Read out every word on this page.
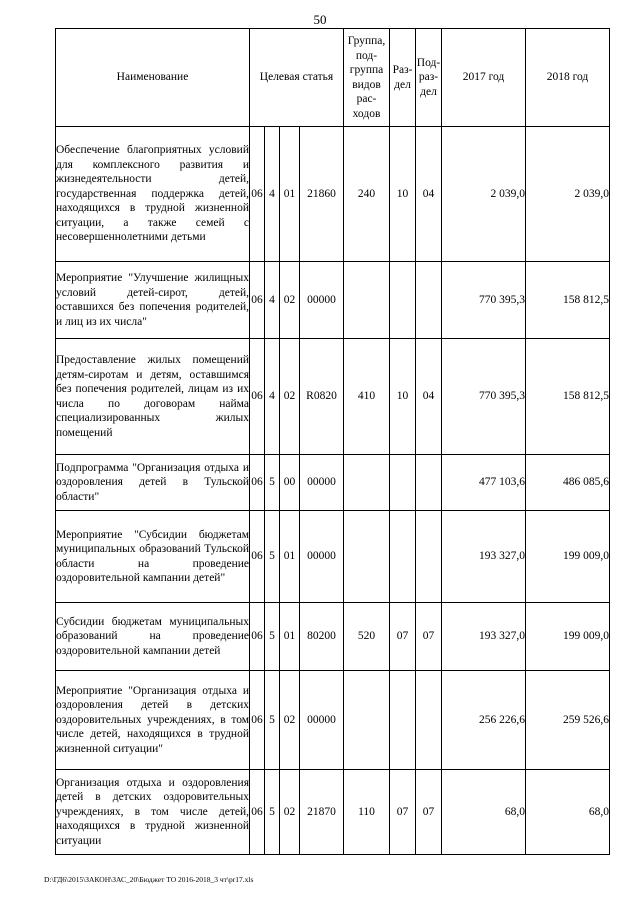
50
Наименование	Целевая статья				Группа, под- группа видов рас- ходов	Раз- дел	Под- раз- дел	2017 год	2018 год

Обеспечение благоприятных условий для комплексного развития и жизнедеятельности детей, государственная поддержка детей, находящихся в трудной жизненной ситуации, а также семей с несовершеннолетними детьми	06	4	01	21860	240	10	04	2 039,0	2 039,0

Мероприятие "Улучшение жилищных условий детей-сирот, детей, оставшихся без попечения родителей, и лиц из их числа"	06	4	02	00000				770 395,3	158 812,5

Предоставление жилых помещений детям-сиротам и детям, оставшимся без попечения родителей, лицам из их числа по договорам найма специализированных жилых помещений	06	4	02	R0820	410	10	04	770 395,3	158 812,5

Подпрограмма "Организация отдыха и оздоровления детей в Тульской области"	06	5	00	00000				477 103,6	486 085,6

Мероприятие "Субсидии бюджетам муниципальных образований Тульской области на проведение оздоровительной кампании детей"	06	5	01	00000				193 327,0	199 009,0

Субсидии бюджетам муниципальных образований на проведение оздоровительной кампании детей	06	5	01	80200	520	07	07	193 327,0	199 009,0

Мероприятие "Организация отдыха и оздоровления детей в детских оздоровительных учреждениях, в том числе детей, находящихся в трудной жизненной ситуации"	06	5	02	00000				256 226,6	259 526,6

Организация отдыха и оздоровления детей в детских оздоровительных учреждениях, в том числе детей, находящихся в трудной жизненной ситуации	06	5	02	21870	110	07	07	68,0	68,0
D:\ГД6\2015\ЗАКОН\ЗАС_20\Бюджет ТО 2016-2018_3 чт\pr17.xls
